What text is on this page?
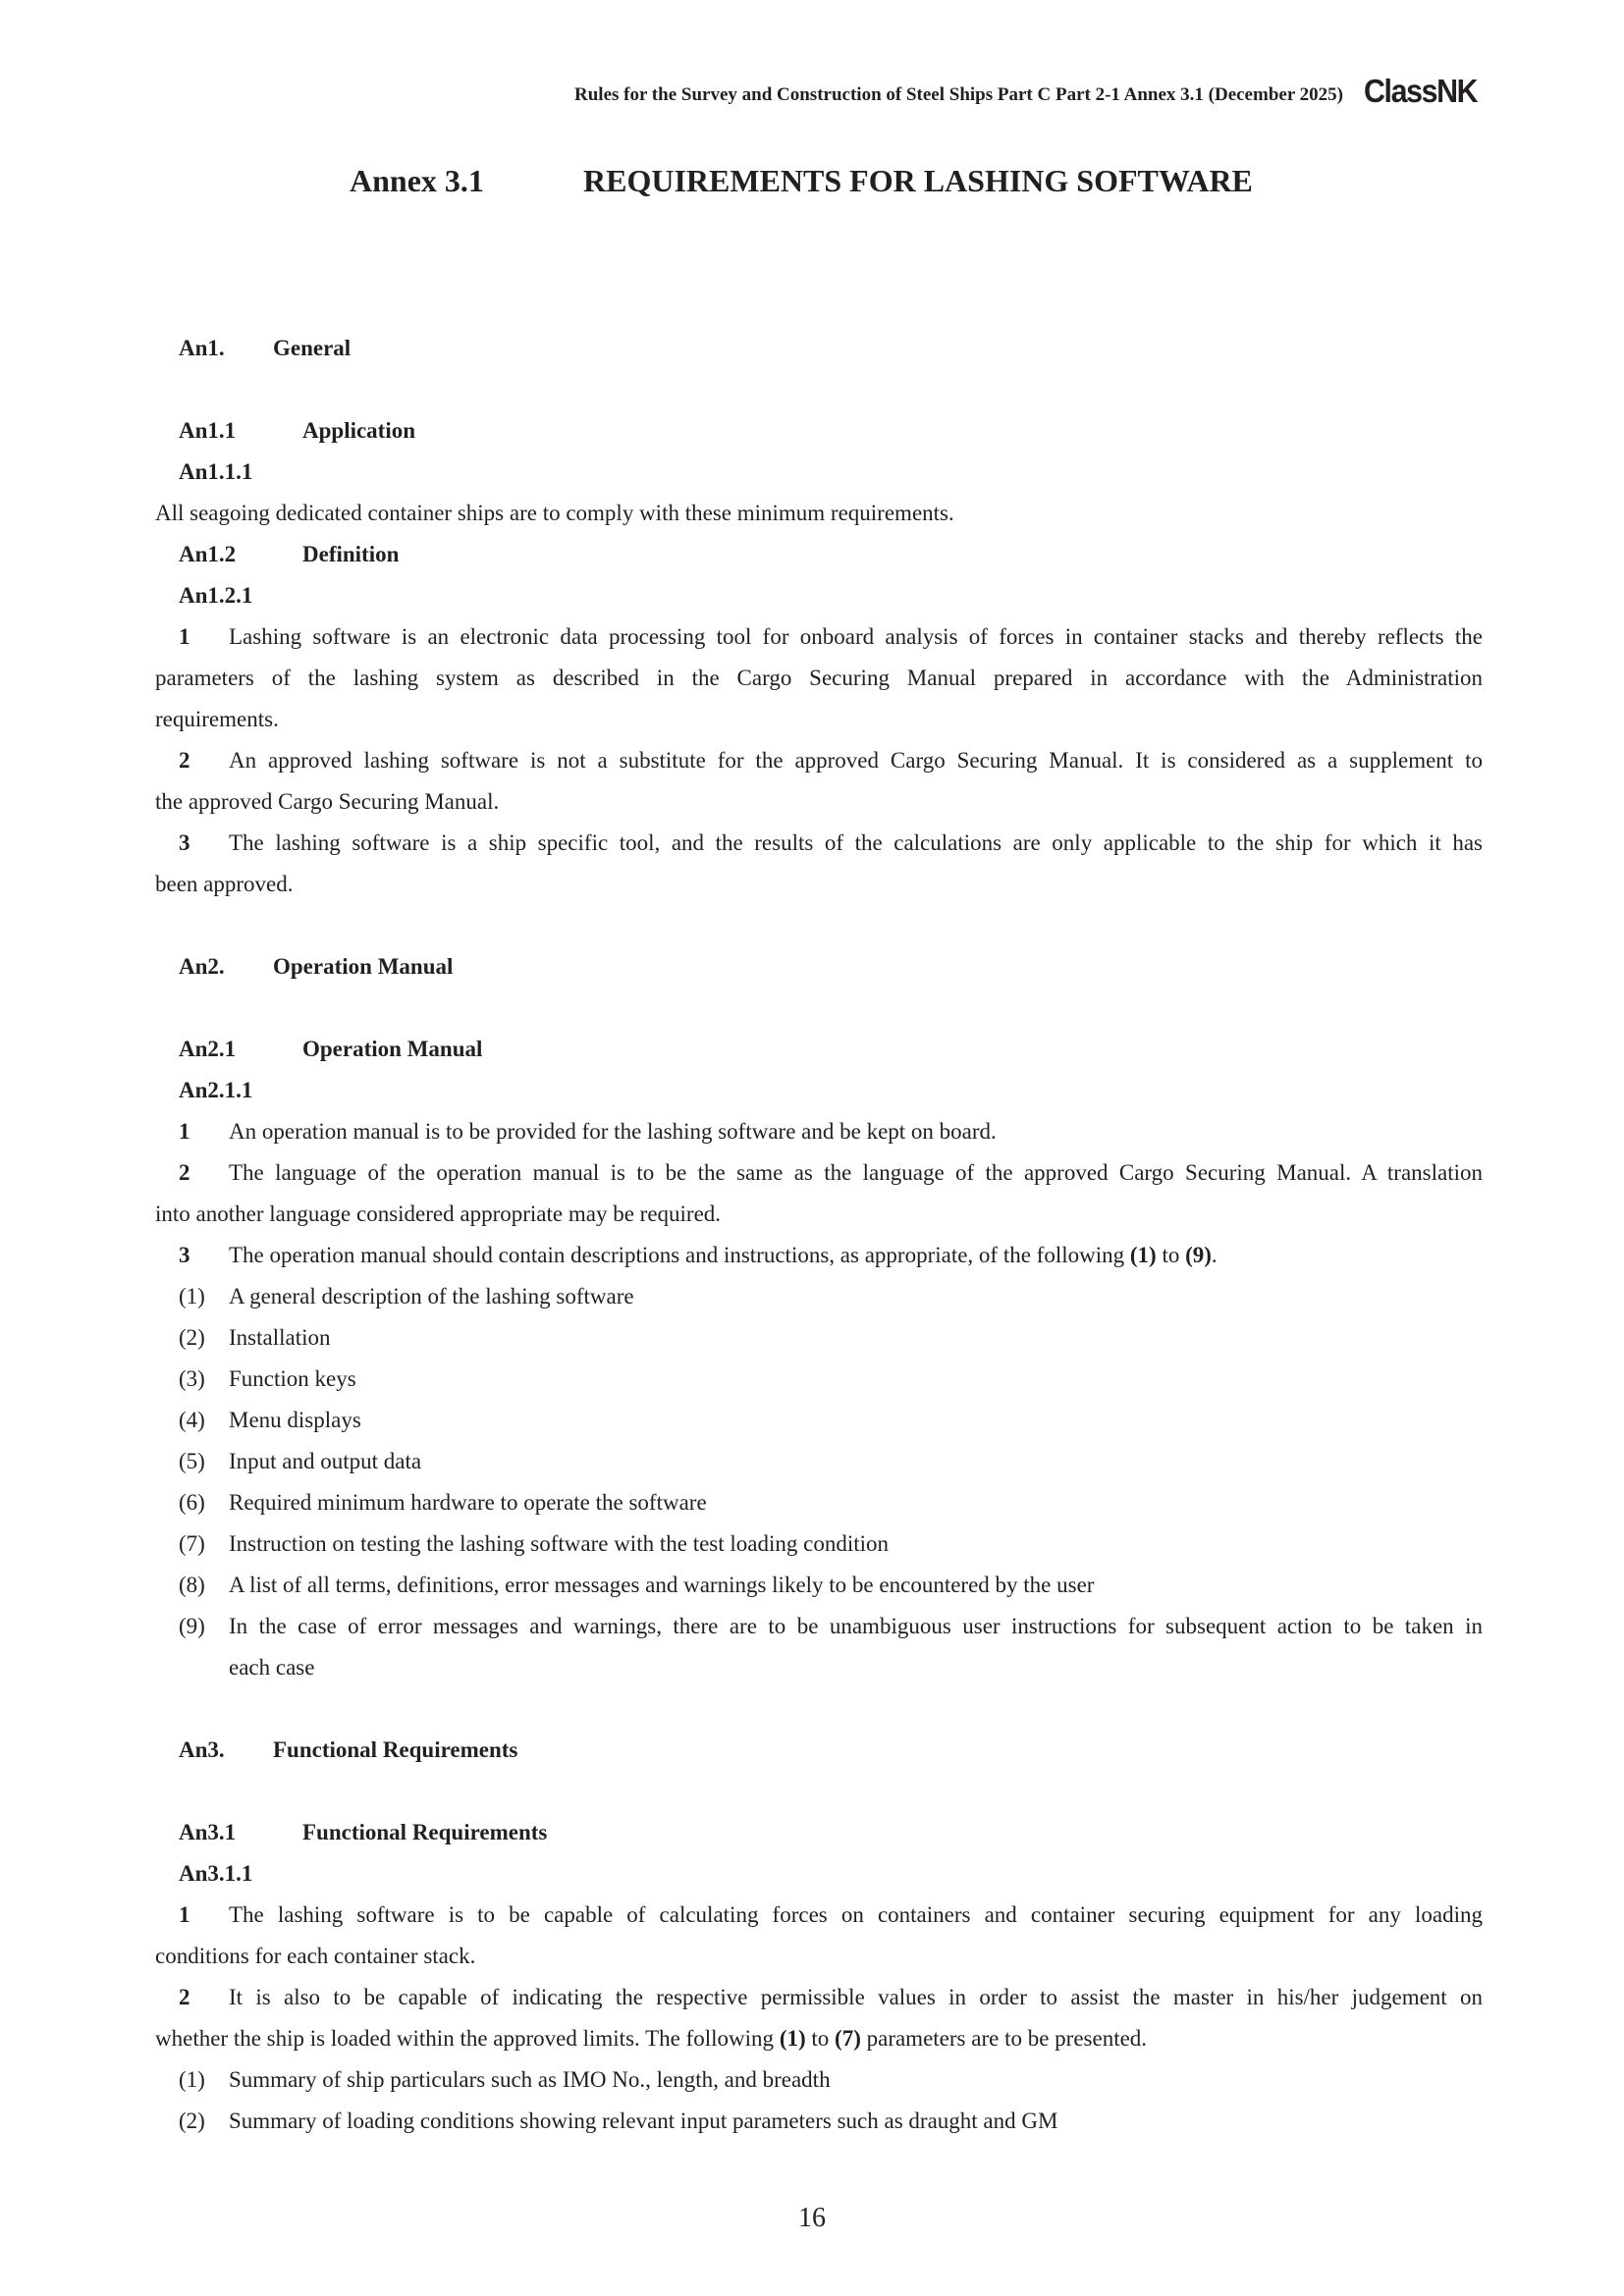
Rules for the Survey and Construction of Steel Ships Part C Part 2-1 Annex 3.1 (December 2025) ClassNK
Annex 3.1	REQUIREMENTS FOR LASHING SOFTWARE
An1. General
An1.1	Application
An1.1.1
All seagoing dedicated container ships are to comply with these minimum requirements.
An1.2	Definition
An1.2.1
1 Lashing software is an electronic data processing tool for onboard analysis of forces in container stacks and thereby reflects the
parameters of the lashing system as described in the Cargo Securing Manual prepared in accordance with the Administration
requirements.
2 An approved lashing software is not a substitute for the approved Cargo Securing Manual. It is considered as a supplement to
the approved Cargo Securing Manual.
3 The lashing software is a ship specific tool, and the results of the calculations are only applicable to the ship for which it has
been approved.
An2. Operation Manual
An2.1	Operation Manual
An2.1.1
1 An operation manual is to be provided for the lashing software and be kept on board.
2 The language of the operation manual is to be the same as the language of the approved Cargo Securing Manual. A translation
into another language considered appropriate may be required.
3 The operation manual should contain descriptions and instructions, as appropriate, of the following (1) to (9).
(1) A general description of the lashing software
(2) Installation
(3) Function keys
(4) Menu displays
(5) Input and output data
(6) Required minimum hardware to operate the software
(7) Instruction on testing the lashing software with the test loading condition
(8) A list of all terms, definitions, error messages and warnings likely to be encountered by the user
(9) In the case of error messages and warnings, there are to be unambiguous user instructions for subsequent action to be taken in
each case
An3. Functional Requirements
An3.1	Functional Requirements
An3.1.1
1 The lashing software is to be capable of calculating forces on containers and container securing equipment for any loading
conditions for each container stack.
2 It is also to be capable of indicating the respective permissible values in order to assist the master in his/her judgement on
whether the ship is loaded within the approved limits. The following (1) to (7) parameters are to be presented.
(1) Summary of ship particulars such as IMO No., length, and breadth
(2) Summary of loading conditions showing relevant input parameters such as draught and GM
16
